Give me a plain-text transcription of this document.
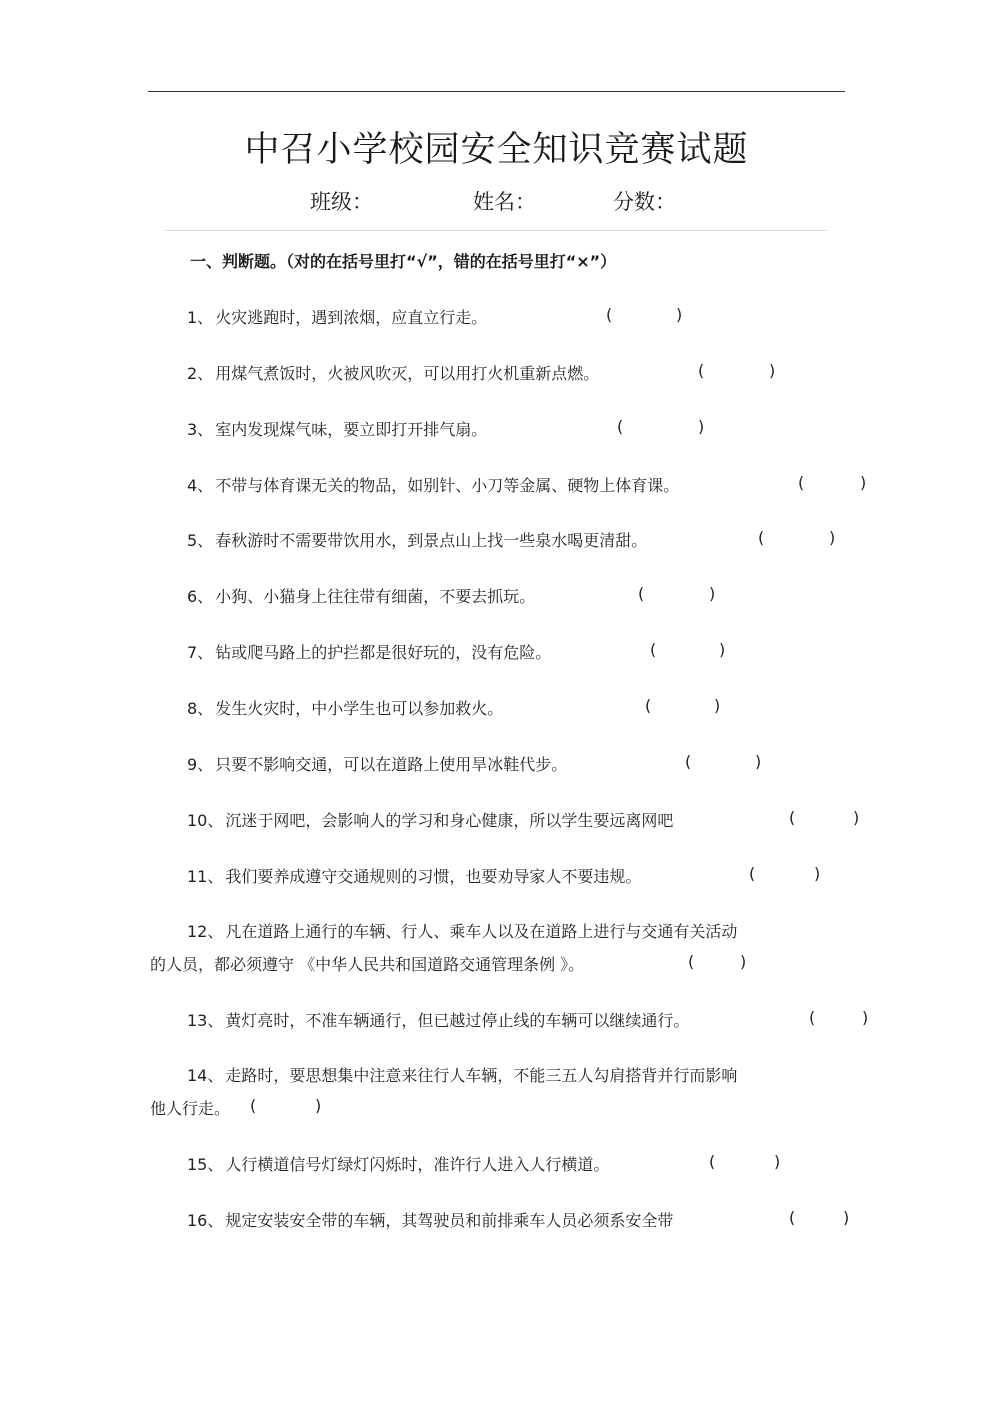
中召小学校园安全知识竞赛试题
班级：	姓名：	分数：
一、判断题。（对的在括号里打“√”，错的在括号里打“×”）
1、 火灾逃跑时，遇到浓烟，应直立行走。	(	)
2、 用煤气煮饭时，火被风吹灭，可以用打火机重新点燃。	(	)
3、 室内发现煤气味，要立即打开排气扇。	(	)
4、 不带与体育课无关的物品，如别针、小刀等金属、硬物上体育课。	(	)
5、 春秋游时不需要带饮用水，到景点山上找一些泉水喝更清甜。	(	)
6、 小狗、小猫身上往往带有细菌，不要去抓玩。	(	)
7、 钻或爬马路上的护拦都是很好玩的，没有危险。	(	)
8、 发生火灾时，中小学生也可以参加救火。	(	)
9、 只要不影响交通，可以在道路上使用旱冰鞋代步。	(	)
10、 沉迷于网吧，会影响人的学习和身心健康，所以学生要远离网吧	(	)
11、 我们要养成遵守交通规则的习惯，也要劝导家人不要违规。	(	)
12、 凡在道路上通行的车辆、行人、乘车人以及在道路上进行与交通有关活动
的人员，都必须遵守 《中华人民共和国道路交通管理条例 》。	(	)
13、 黄灯亮时，不准车辆通行，但已越过停止线的车辆可以继续通行。	(	)
14、 走路时，要思想集中注意来往行人车辆，不能三五人勾肩搭背并行而影响
他人行走。 (	)
15、 人行横道信号灯绿灯闪烁时，准许行人进入人行横道。	(	)
16、 规定安装安全带的车辆，其驾驶员和前排乘车人员必须系安全带	(	)
